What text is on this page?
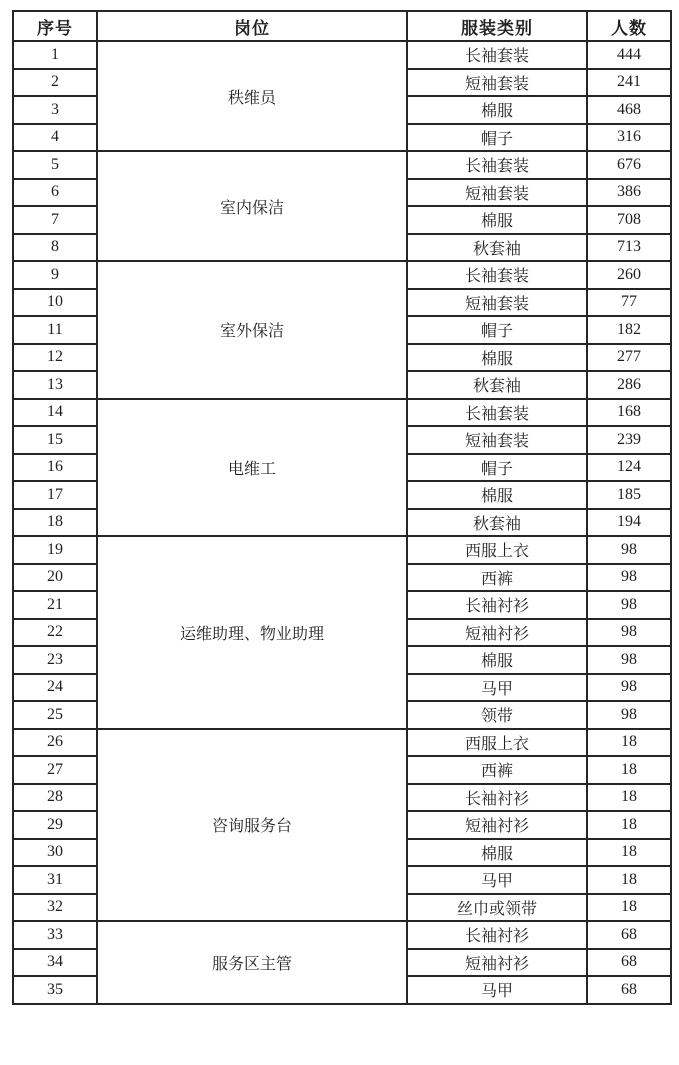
序号	岗位	服装类别	人数
1	秩维员	长袖套装	444
2		短袖套装	241
3		棉服	468
4		帽子	316
5	室内保洁	长袖套装	676
6		短袖套装	386
7		棉服	708
8		秋套袖	713
9	室外保洁	长袖套装	260
10		短袖套装	77
11		帽子	182
12		棉服	277
13		秋套袖	286
14	电维工	长袖套装	168
15		短袖套装	239
16		帽子	124
17		棉服	185
18		秋套袖	194
19	运维助理、物业助理	西服上衣	98
20		西裤	98
21		长袖衬衫	98
22		短袖衬衫	98
23		棉服	98
24		马甲	98
25		领带	98
26	咨询服务台	西服上衣	18
27		西裤	18
28		长袖衬衫	18
29		短袖衬衫	18
30		棉服	18
31		马甲	18
32		丝巾或领带	18
33	服务区主管	长袖衬衫	68
34		短袖衬衫	68
35		马甲	68
